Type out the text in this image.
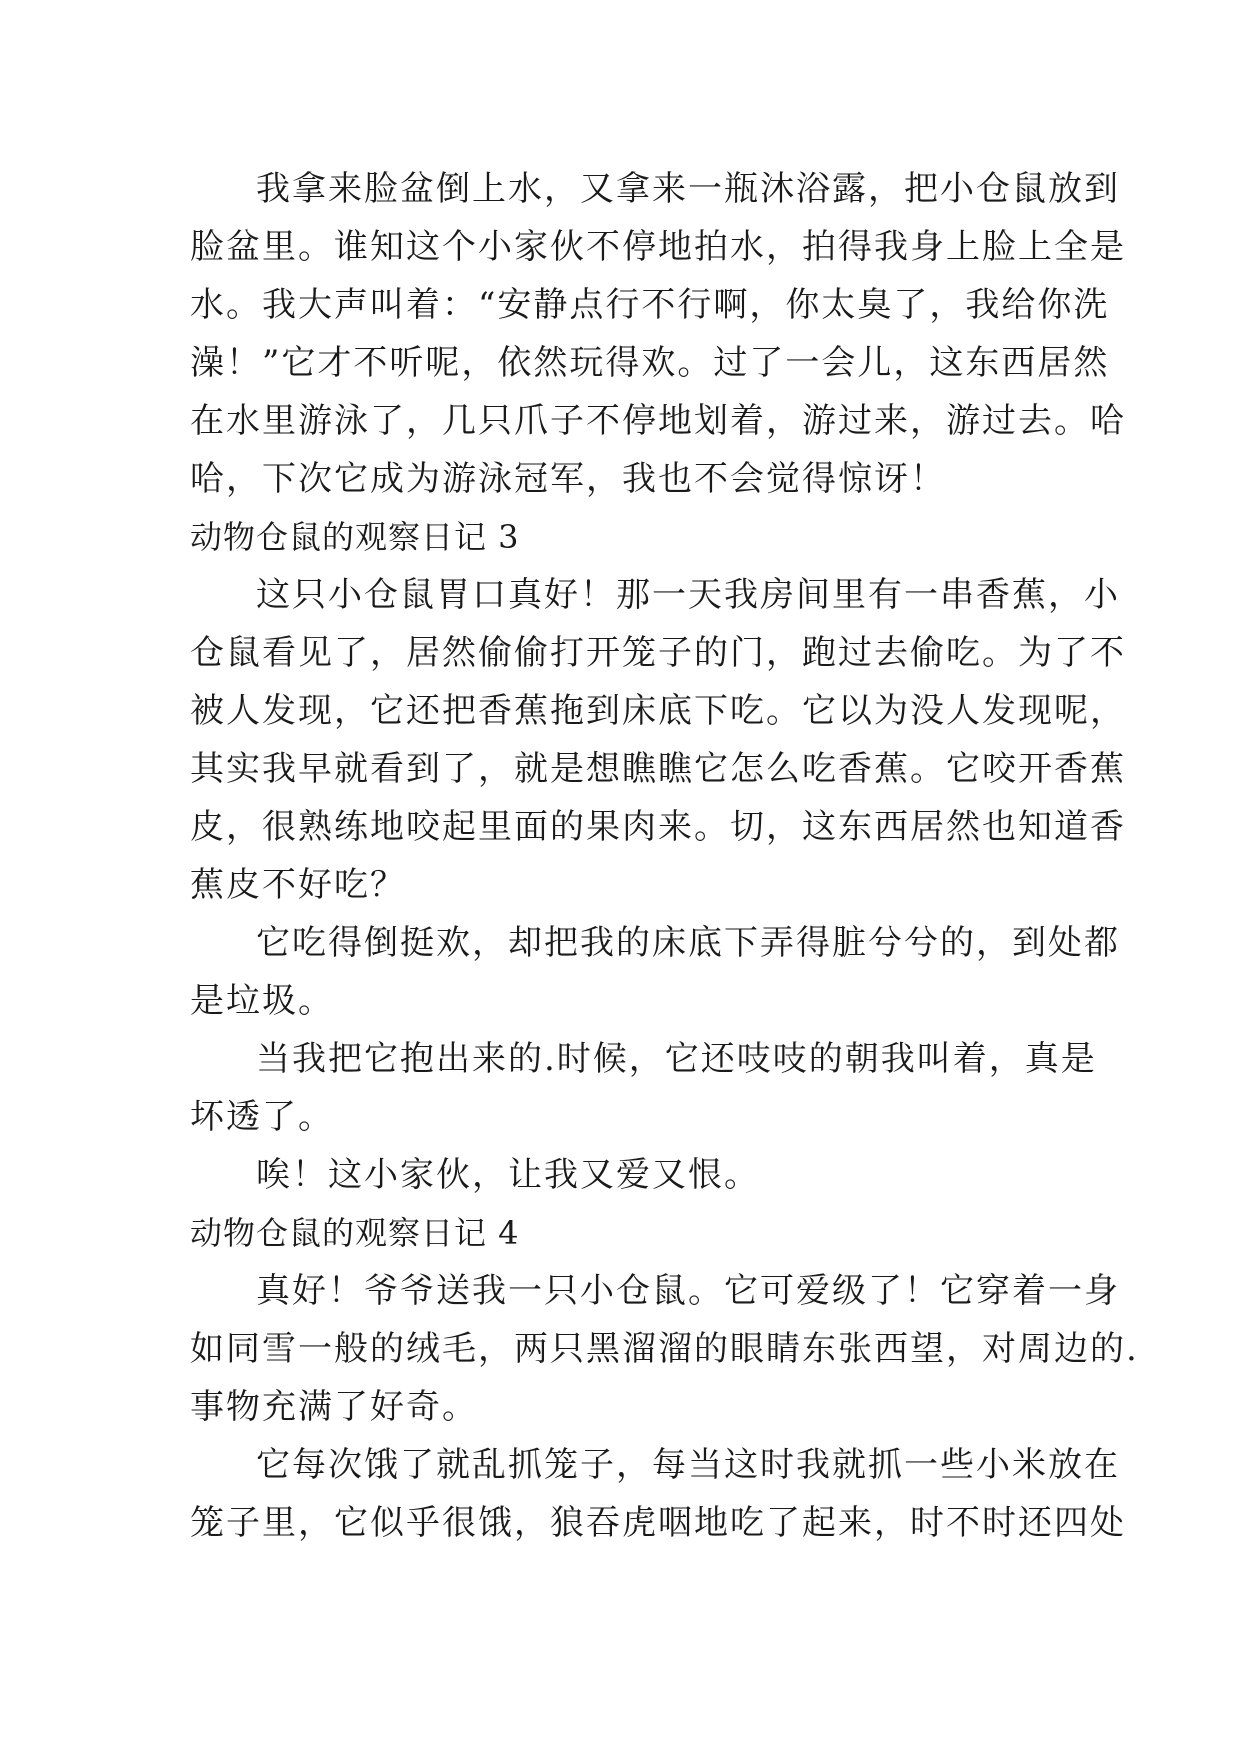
我拿来脸盆倒上水，又拿来一瓶沐浴露，把小仓鼠放到
脸盆里。谁知这个小家伙不停地拍水，拍得我身上脸上全是
水。我大声叫着：“安静点行不行啊，你太臭了，我给你洗
澡！”它才不听呢，依然玩得欢。过了一会儿，这东西居然
在水里游泳了，几只爪子不停地划着，游过来，游过去。哈
哈，下次它成为游泳冠军，我也不会觉得惊讶！
动物仓鼠的观察日记 3
这只小仓鼠胃口真好！那一天我房间里有一串香蕉，小
仓鼠看见了，居然偷偷打开笼子的门，跑过去偷吃。为了不
被人发现，它还把香蕉拖到床底下吃。它以为没人发现呢，
其实我早就看到了，就是想瞧瞧它怎么吃香蕉。它咬开香蕉
皮，很熟练地咬起里面的果肉来。切，这东西居然也知道香
蕉皮不好吃？
它吃得倒挺欢，却把我的床底下弄得脏兮兮的，到处都
是垃圾。
当我把它抱出来的.时候，它还吱吱的朝我叫着，真是
坏透了。
唉！这小家伙，让我又爱又恨。
动物仓鼠的观察日记 4
真好！爷爷送我一只小仓鼠。它可爱级了！它穿着一身
如同雪一般的绒毛，两只黑溜溜的眼睛东张西望，对周边的.
事物充满了好奇。
它每次饿了就乱抓笼子，每当这时我就抓一些小米放在
笼子里，它似乎很饿，狼吞虎咽地吃了起来，时不时还四处
